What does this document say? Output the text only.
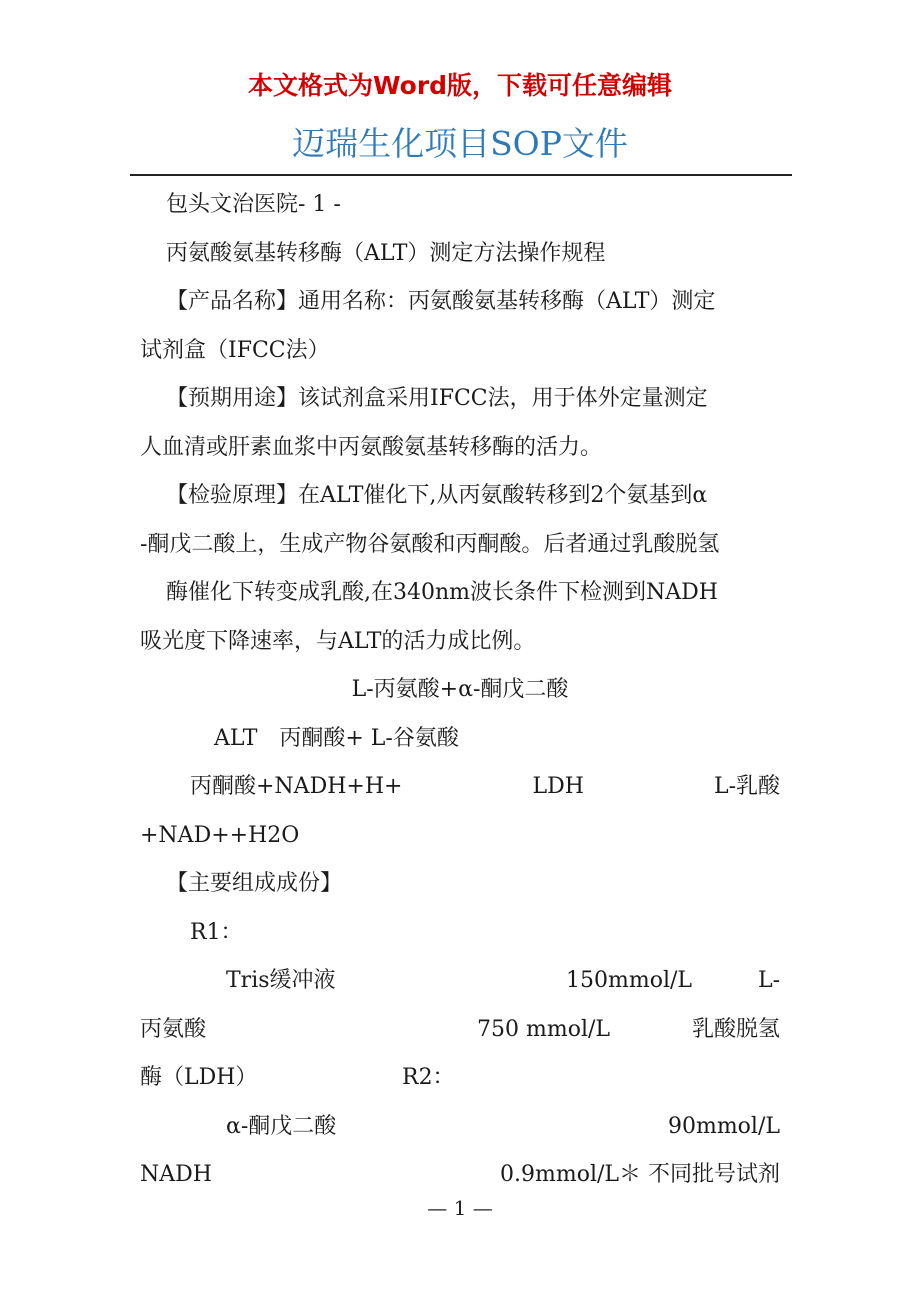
本文格式为Word版，下载可任意编辑
迈瑞生化项目SOP文件
包头文治医院- 1 -
丙氨酸氨基转移酶（ALT）测定方法操作规程
【产品名称】通用名称：丙氨酸氨基转移酶（ALT）测定
试剂盒（IFCC法）
【预期用途】该试剂盒采用IFCC法，用于体外定量测定
人血清或肝素血浆中丙氨酸氨基转移酶的活力。
【检验原理】在ALT催化下,从丙氨酸转移到2个氨基到α
-酮戊二酸上，生成产物谷氨酸和丙酮酸。后者通过乳酸脱氢
酶催化下转变成乳酸,在340nm波长条件下检测到NADH
吸光度下降速率，与ALT的活力成比例。
L-丙氨酸+α-酮戊二酸
ALT　丙酮酸+ L-谷氨酸
丙酮酸+NADH+H+	LDH	L-乳酸
+NAD++H2O
【主要组成成份】
R1：
Tris缓冲液	150mmol/L	L-
丙氨酸	750 mmol/L	乳酸脱氢
酶（LDH）	R2：
α-酮戊二酸	90mmol/L
NADH	0.9mmol/L＊ 不同批号试剂
— 1 —
